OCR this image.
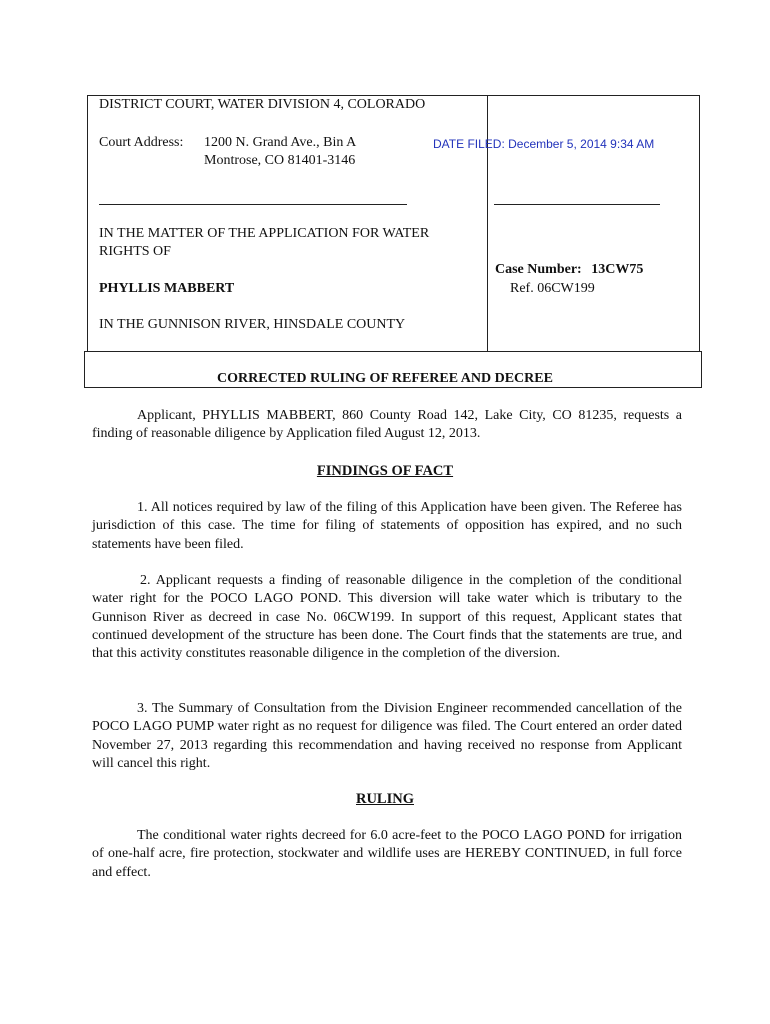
DISTRICT COURT, WATER DIVISION 4, COLORADO
Court Address: 1200 N. Grand Ave., Bin A
Montrose, CO 81401-3146
DATE FILED: December 5, 2014 9:34 AM
IN THE MATTER OF THE APPLICATION FOR WATER
RIGHTS OF
PHYLLIS MABBERT
IN THE GUNNISON RIVER, HINSDALE COUNTY
Case Number: 13CW75
Ref. 06CW199
CORRECTED RULING OF REFEREE AND DECREE
Applicant, PHYLLIS MABBERT, 860 County Road 142, Lake City, CO 81235, requests a finding of reasonable diligence by Application filed August 12, 2013.
FINDINGS OF FACT
1. All notices required by law of the filing of this Application have been given. The Referee has jurisdiction of this case. The time for filing of statements of opposition has expired, and no such statements have been filed.
2. Applicant requests a finding of reasonable diligence in the completion of the conditional water right for the POCO LAGO POND. This diversion will take water which is tributary to the Gunnison River as decreed in case No. 06CW199. In support of this request, Applicant states that continued development of the structure has been done. The Court finds that the statements are true, and that this activity constitutes reasonable diligence in the completion of the diversion.
3. The Summary of Consultation from the Division Engineer recommended cancellation of the POCO LAGO PUMP water right as no request for diligence was filed. The Court entered an order dated November 27, 2013 regarding this recommendation and having received no response from Applicant will cancel this right.
RULING
The conditional water rights decreed for 6.0 acre-feet to the POCO LAGO POND for irrigation of one-half acre, fire protection, stockwater and wildlife uses are HEREBY CONTINUED, in full force and effect.
